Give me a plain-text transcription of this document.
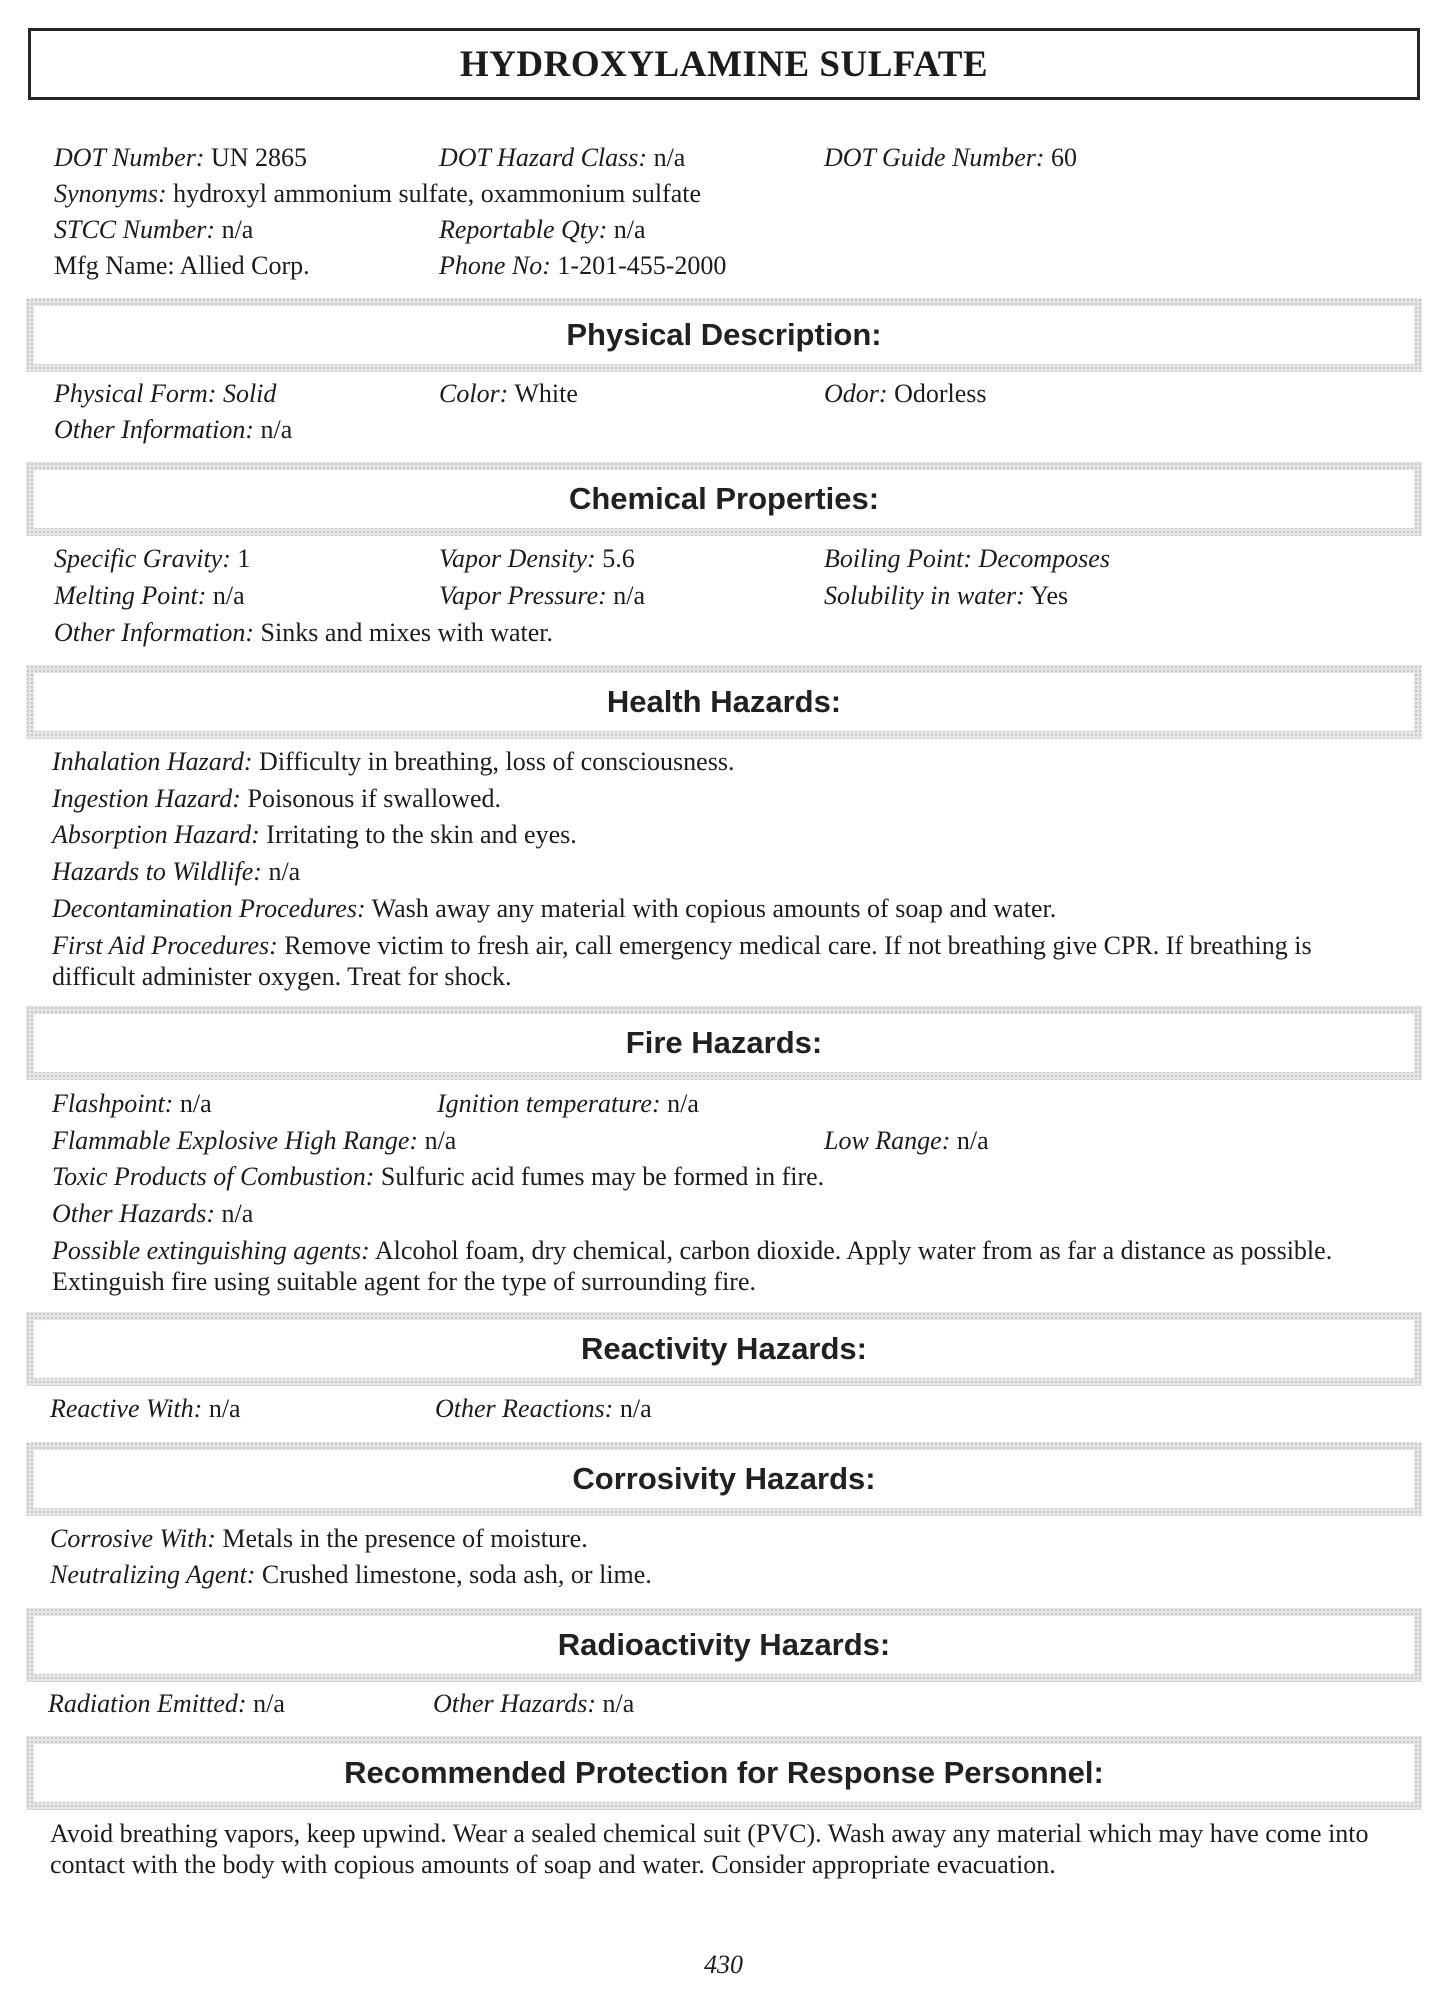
HYDROXYLAMINE SULFATE
DOT Number: UN 2865	DOT Hazard Class: n/a	DOT Guide Number: 60
Synonyms: hydroxyl ammonium sulfate, oxammonium sulfate
STCC Number: n/a	Reportable Qty: n/a
Mfg Name: Allied Corp.	Phone No: 1-201-455-2000
Physical Description:
Physical Form: Solid	Color: White	Odor: Odorless
Other Information: n/a
Chemical Properties:
Specific Gravity: 1	Vapor Density: 5.6	Boiling Point: Decomposes
Melting Point: n/a	Vapor Pressure: n/a	Solubility in water: Yes
Other Information: Sinks and mixes with water.
Health Hazards:
Inhalation Hazard: Difficulty in breathing, loss of consciousness.
Ingestion Hazard: Poisonous if swallowed.
Absorption Hazard: Irritating to the skin and eyes.
Hazards to Wildlife: n/a
Decontamination Procedures: Wash away any material with copious amounts of soap and water.
First Aid Procedures: Remove victim to fresh air, call emergency medical care. If not breathing give CPR. If breathing is difficult administer oxygen. Treat for shock.
Fire Hazards:
Flashpoint: n/a	Ignition temperature: n/a
Flammable Explosive High Range: n/a	Low Range: n/a
Toxic Products of Combustion: Sulfuric acid fumes may be formed in fire.
Other Hazards: n/a
Possible extinguishing agents: Alcohol foam, dry chemical, carbon dioxide. Apply water from as far a distance as possible. Extinguish fire using suitable agent for the type of surrounding fire.
Reactivity Hazards:
Reactive With: n/a	Other Reactions: n/a
Corrosivity Hazards:
Corrosive With: Metals in the presence of moisture.
Neutralizing Agent: Crushed limestone, soda ash, or lime.
Radioactivity Hazards:
Radiation Emitted: n/a	Other Hazards: n/a
Recommended Protection for Response Personnel:
Avoid breathing vapors, keep upwind. Wear a sealed chemical suit (PVC). Wash away any material which may have come into contact with the body with copious amounts of soap and water. Consider appropriate evacuation.
430
